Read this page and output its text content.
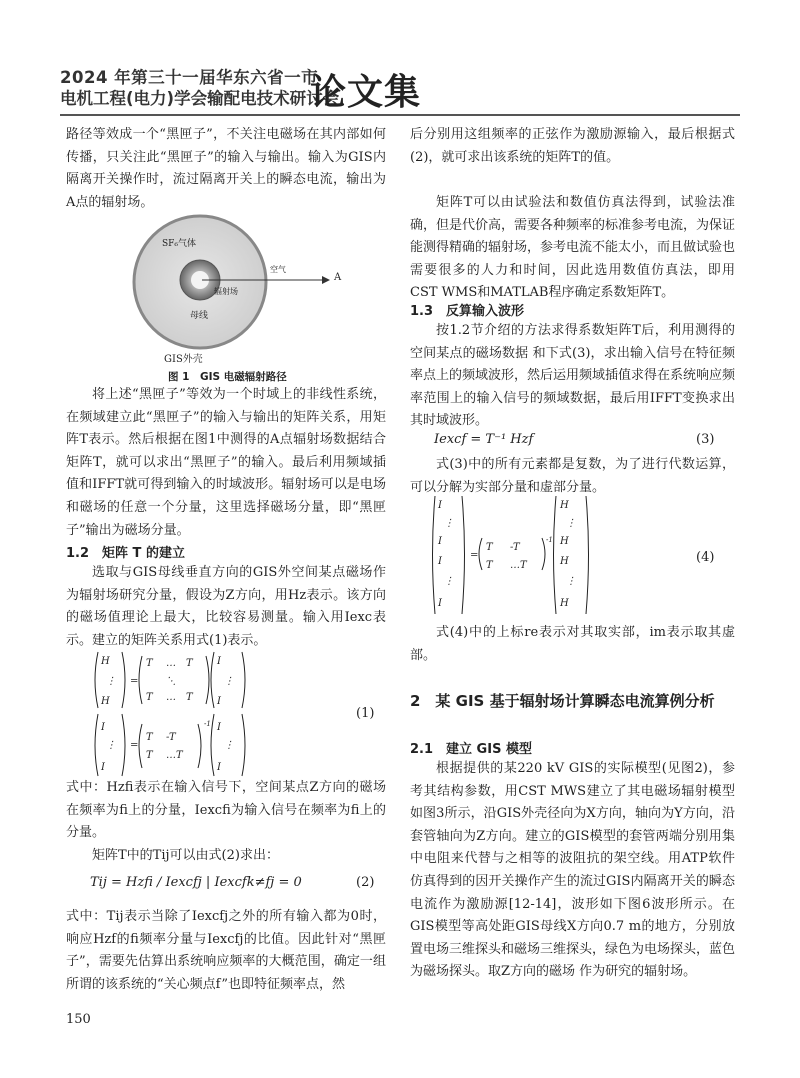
2024 年第三十一届华东六省一市
电机工程(电力)学会输配电技术研讨会
论文集

路径等效成一个“黑匣子”，不关注电磁场在其内部如何传播，只关注此“黑匣子”的输入与输出。输入为GIS内隔离开关操作时，流过隔离开关上的瞬态电流，输出为A点的辐射场。

SF₆气体
母线
辐射场
空气
A
GIS外壳
图 1　GIS 电磁辐射路径

将上述“黑匣子”等效为一个时域上的非线性系统，在频域建立此“黑匣子”的输入与输出的矩阵关系，用矩阵T表示。然后根据在图1中测得的A点辐射场数据结合矩阵T，就可以求出“黑匣子”的输入。最后利用频域插值和IFFT就可得到输入的时域波形。辐射场可以是电场和磁场的任意一个分量，这里选择磁场分量，即“黑匣子”输出为磁场分量。

1.2　矩阵 T 的建立

选取与GIS母线垂直方向的GIS外空间某点磁场作为辐射场研究分量，假设为Z方向，用Hz表示。该方向的磁场值理论上最大，比较容易测量。输入用Iexc表示。建立的矩阵关系用式(1)表示。

H
⋮
H
=
T … T
⋱
T … T
I
⋮
I
I
⋮
I
=
T -T
T …T
-1 I
⋮
I
(1)

式中：Hzfi表示在输入信号下，空间某点Z方向的磁场在频率为fi上的分量，Iexcfi为输入信号在频率为fi上的分量。

矩阵T中的Tij可以由式(2)求出：

Tij = Hzfi / Iexcfj | Iexcfk≠fj = 0	(2)

式中：Tij表示当除了Iexcfj之外的所有输入都为0时，响应Hzf的fi频率分量与Iexcfj的比值。因此针对“黑匣子”，需要先估算出系统响应频率的大概范围，确定一组所谓的该系统的“关心频点f”也即特征频率点，然

150

后分别用这组频率的正弦作为激励源输入，最后根据式(2)，就可求出该系统的矩阵T的值。

矩阵T可以由试验法和数值仿真法得到，试验法准确，但是代价高，需要各种频率的标准参考电流，为保证能测得精确的辐射场，参考电流不能太小，而且做试验也需要很多的人力和时间，因此选用数值仿真法，即用CST WMS和MATLAB程序确定系数矩阵T。

1.3　反算输入波形

按1.2节介绍的方法求得系数矩阵T后，利用测得的空间某点的磁场数据 和下式(3)，求出输入信号在特征频率点上的频域波形，然后运用频域插值求得在系统响应频率范围上的输入信号的频域数据，最后用IFFT变换求出其时域波形。

Iexcf = T⁻¹ Hzf	(3)

式(3)中的所有元素都是复数，为了进行代数运算，可以分解为实部分量和虚部分量。

I
⋮
I
I
⋮
I
=
T -T
T …T
-1
H
⋮
H
H
⋮
H
(4)

式(4)中的上标re表示对其取实部，im表示取其虚部。

2　某 GIS 基于辐射场计算瞬态电流算例分析
2.1　建立 GIS 模型

根据提供的某220 kV GIS的实际模型(见图2)，参考其结构参数，用CST MWS建立了其电磁场辐射模型如图3所示，沿GIS外壳径向为X方向，轴向为Y方向，沿套管轴向为Z方向。建立的GIS模型的套管两端分别用集中电阻来代替与之相等的波阻抗的架空线。用ATP软件仿真得到的因开关操作产生的流过GIS内隔离开关的瞬态电流作为激励源[12-14]，波形如下图6波形所示。在GIS模型等高处距GIS母线X方向0.7 m的地方，分别放置电场三维探头和磁场三维探头，绿色为电场探头，蓝色为磁场探头。取Z方向的磁场 作为研究的辐射场。
